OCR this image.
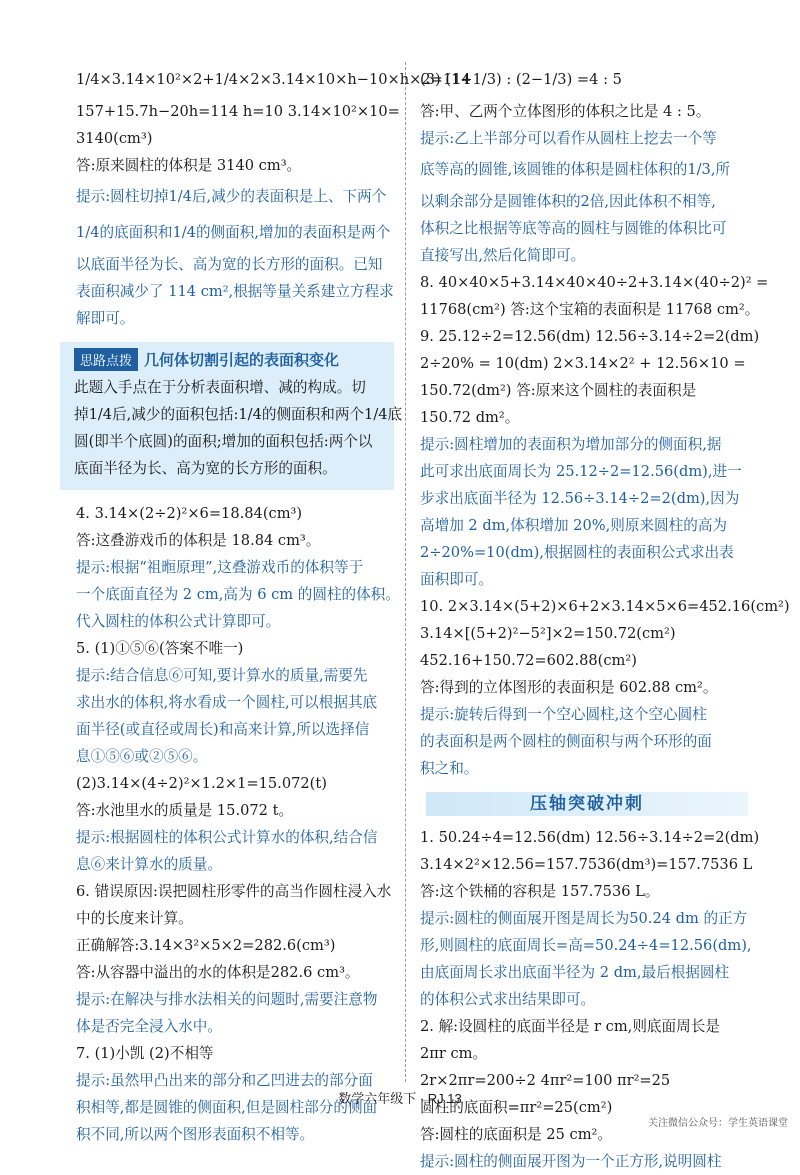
1/4×3.14×10²×2+1/4×2×3.14×10×h−10×h×2=114
157+15.7h−20h=114 h=10 3.14×10²×10=
3140(cm³)
答:原来圆柱的体积是 3140 cm³。
提示:圆柱切掉1/4后,减少的表面积是上、下两个
1/4的底面积和1/4的侧面积,增加的表面积是两个
以底面半径为长、高为宽的长方形的面积。已知
表面积减少了 114 cm²,根据等量关系建立方程求
解即可。
思路点拨 几何体切割引起的表面积变化
此题入手点在于分析表面积增、减的构成。切
掉1/4后,减少的面积包括:1/4的侧面积和两个1/4底
圆(即半个底圆)的面积;增加的面积包括:两个以
底面半径为长、高为宽的长方形的面积。
4. 3.14×(2÷2)²×6=18.84(cm³)
答:这叠游戏币的体积是 18.84 cm³。
提示:根据“祖暅原理”,这叠游戏币的体积等于
一个底面直径为 2 cm,高为 6 cm 的圆柱的体积。
代入圆柱的体积公式计算即可。
5. (1)①⑤⑥(答案不唯一)
提示:结合信息⑥可知,要计算水的质量,需要先
求出水的体积,将水看成一个圆柱,可以根据其底
面半径(或直径或周长)和高来计算,所以选择信
息①⑤⑥或②⑤⑥。
(2)3.14×(4÷2)²×1.2×1=15.072(t)
答:水池里水的质量是 15.072 t。
提示:根据圆柱的体积公式计算水的体积,结合信
息⑥来计算水的质量。
6. 错误原因:误把圆柱形零件的高当作圆柱浸入水
中的长度来计算。
正确解答:3.14×3²×5×2=282.6(cm³)
答:从容器中溢出的水的体积是282.6 cm³。
提示:在解决与排水法相关的问题时,需要注意物
体是否完全浸入水中。
7. (1)小凯 (2)不相等
提示:虽然甲凸出来的部分和乙凹进去的部分面
积相等,都是圆锥的侧面积,但是圆柱部分的侧面
积不同,所以两个图形表面积不相等。
(3) (1+1/3) : (2−1/3) =4 : 5
答:甲、乙两个立体图形的体积之比是 4 : 5。
提示:乙上半部分可以看作从圆柱上挖去一个等
底等高的圆锥,该圆锥的体积是圆柱体积的1/3,所
以剩余部分是圆锥体积的2倍,因此体积不相等,
体积之比根据等底等高的圆柱与圆锥的体积比可
直接写出,然后化简即可。
8. 40×40×5+3.14×40×40÷2+3.14×(40÷2)² =
11768(cm²) 答:这个宝箱的表面积是 11768 cm²。
9. 25.12÷2=12.56(dm) 12.56÷3.14÷2=2(dm)
2÷20% = 10(dm) 2×3.14×2² + 12.56×10 =
150.72(dm²) 答:原来这个圆柱的表面积是
150.72 dm²。
提示:圆柱增加的表面积为增加部分的侧面积,据
此可求出底面周长为 25.12÷2=12.56(dm),进一
步求出底面半径为 12.56÷3.14÷2=2(dm),因为
高增加 2 dm,体积增加 20%,则原来圆柱的高为
2÷20%=10(dm),根据圆柱的表面积公式求出表
面积即可。
10. 2×3.14×(5+2)×6+2×3.14×5×6=452.16(cm²)
3.14×[(5+2)²−5²]×2=150.72(cm²)
452.16+150.72=602.88(cm²)
答:得到的立体图形的表面积是 602.88 cm²。
提示:旋转后得到一个空心圆柱,这个空心圆柱
的表面积是两个圆柱的侧面积与两个环形的面
积之和。
压轴突破冲刺
1. 50.24÷4=12.56(dm) 12.56÷3.14÷2=2(dm)
3.14×2²×12.56=157.7536(dm³)=157.7536 L
答:这个铁桶的容积是 157.7536 L。
提示:圆柱的侧面展开图是周长为50.24 dm 的正方
形,则圆柱的底面周长=高=50.24÷4=12.56(dm),
由底面周长求出底面半径为 2 dm,最后根据圆柱
的体积公式求出结果即可。
2. 解:设圆柱的底面半径是 r cm,则底面周长是
2πr cm。
2r×2πr=200÷2 4πr²=100 πr²=25
圆柱的底面积=πr²=25(cm²)
答:圆柱的底面积是 25 cm²。
提示:圆柱的侧面展开图为一个正方形,说明圆柱
数学六年级下 · RJ 13
关注微信公众号：学生英语课堂
